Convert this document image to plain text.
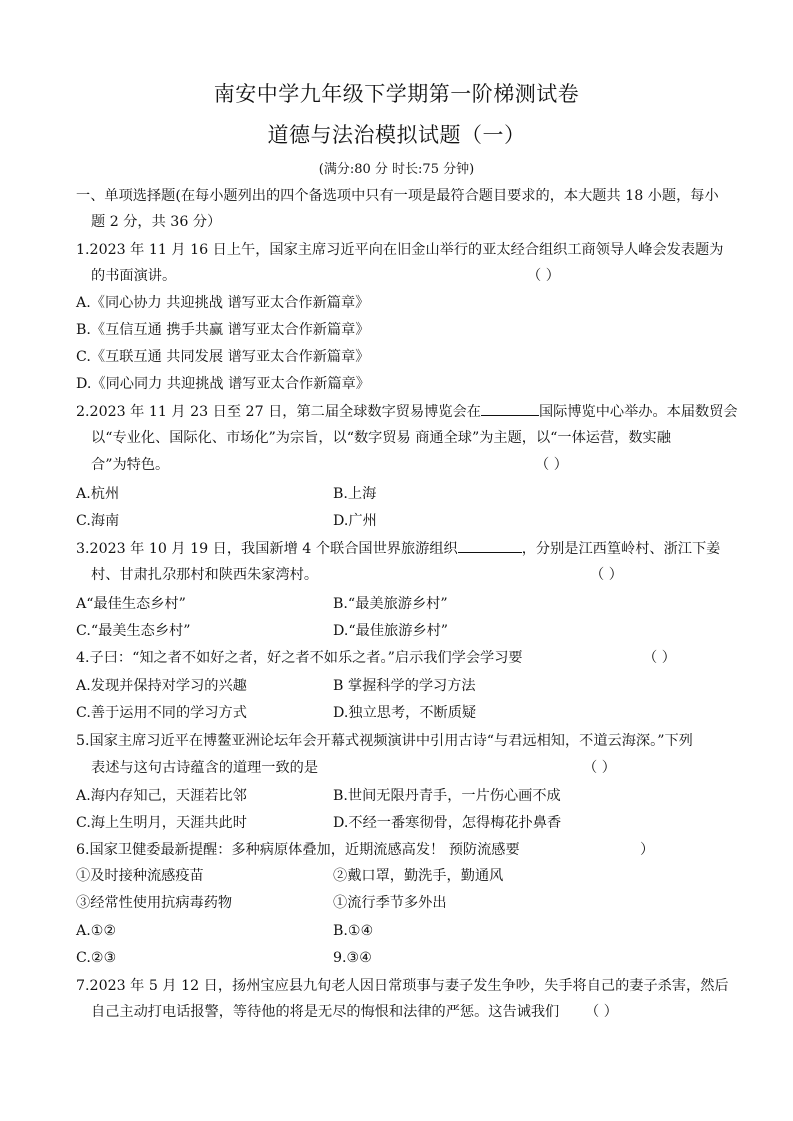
南安中学九年级下学期第一阶梯测试卷
道德与法治模拟试题（一）
(满分:80 分 时长:75 分钟)
一、单项选择题(在每小题列出的四个备选项中只有一项是最符合题目要求的，本大题共 18 小题，每小
题 2 分，共 36 分）
1.2023 年 11 月 16 日上午，国家主席习近平向在旧金山举行的亚太经合组织工商领导人峰会发表题为
的书面演讲。	（ ）
A.《同心协力 共迎挑战 谱写亚太合作新篇章》
B.《互信互通 携手共赢 谱写亚太合作新篇章》
C.《互联互通 共同发展 谱写亚太合作新篇章》
D.《同心同力 共迎挑战 谱写亚太合作新篇章》
2.2023 年 11 月 23 日至 27 日，第二届全球数字贸易博览会在	国际博览中心举办。本届数贸会
以“专业化、国际化、市场化”为宗旨，以“数字贸易 商通全球”为主题，以“一体运营，数实融
合”为特色。	（ ）
A.杭州	B.上海
C.海南	D.广州
3.2023 年 10 月 19 日，我国新增 4 个联合国世界旅游组织	，分别是江西篁岭村、浙江下姜
村、甘肃扎尕那村和陕西朱家湾村。	（ ）
A“最佳生态乡村”	B.“最美旅游乡村”
C.“最美生态乡村”	D.“最佳旅游乡村”
4.子曰：“知之者不如好之者，好之者不如乐之者。”启示我们学会学习要	（ ）
A.发现并保持对学习的兴趣	B 掌握科学的学习方法
C.善于运用不同的学习方式	D.独立思考，不断质疑
5.国家主席习近平在博鳌亚洲论坛年会开幕式视频演讲中引用古诗“与君远相知，不道云海深。”下列
表述与这句古诗蕴含的道理一致的是	（ ）
A.海内存知己，天涯若比邻	B.世间无限丹青手，一片伤心画不成
C.海上生明月，天涯共此时	D.不经一番寒彻骨，怎得梅花扑鼻香
6.国家卫健委最新提醒：多种病原体叠加，近期流感高发！ 预防流感要	）
①及时接种流感疫苗	②戴口罩，勤洗手，勤通风
③经常性使用抗病毒药物	①流行季节多外出
A.①②	B.①④
C.②③	9.③④
7.2023 年 5 月 12 日，扬州宝应县九旬老人因日常琐事与妻子发生争吵，失手将自己的妻子杀害，然后
自己主动打电话报警，等待他的将是无尽的悔恨和法律的严惩。这告诫我们 （ ）
